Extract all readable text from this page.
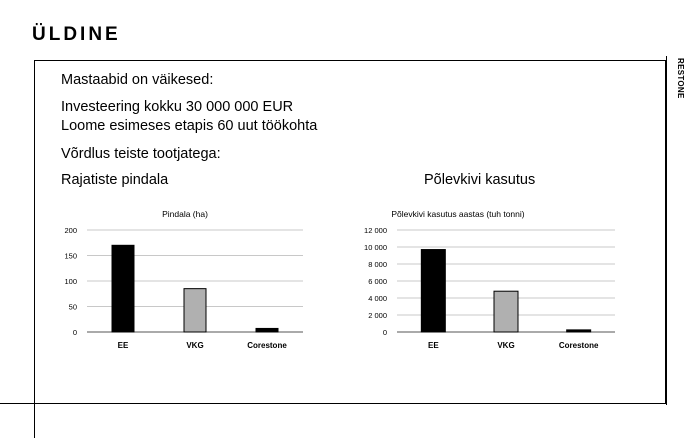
ÜLDINE
RESTONE
Mastaabid on väikesed:
Investeering kokku 30 000 000 EUR
Loome esimeses etapis 60 uut töökohta
Võrdlus teiste tootjatega:
Rajatiste pindala	Põlevkivi kasutus
Pindala (ha)
0
50
100
150
200
EE	VKG	Corestone
Põlevkivi kasutus aastas (tuh tonni)
0
2 000
4 000
6 000
8 000
10 000
12 000
EE	VKG	Corestone
